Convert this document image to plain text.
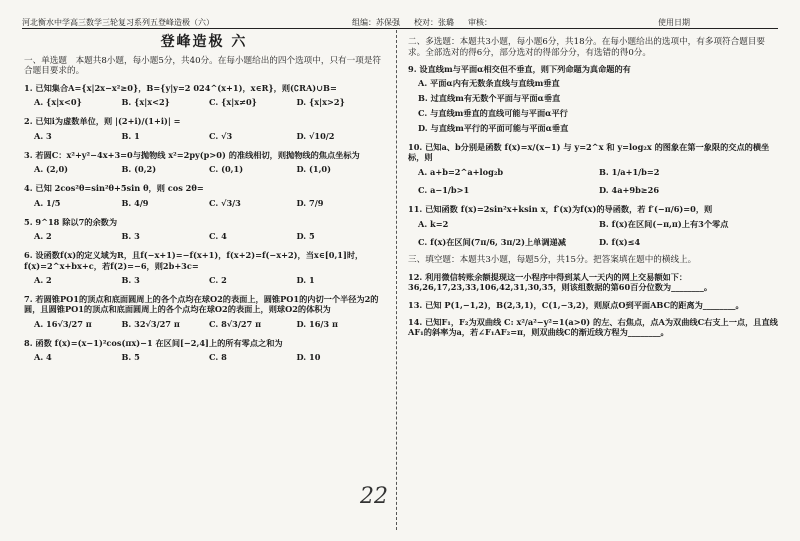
河北衡水中学高三数学三轮复习系列五登峰造极（六）	组编：苏保强 校对：张璐 审核：	使用日期
登峰造极 六
一、单选题　本题共8小题，每小题5分，共40分。在每小题给出的四个选项中，只有一项是符合题目要求的。
1. 已知集合A={x|2x−x²≥0}，B={y|y=2 024^(x+1)，x∈R}，则(∁RA)∪B=
A. {x|x<0}	B. {x|x<2}	C. {x|x≠0}	D. {x|x>2}
2. 已知i为虚数单位，则 |(2+i)/(1+i)| =
A. 3	B. 1	C. √3	D. √10/2
3. 若圆C：x²+y²−4x+3=0与抛物线 x²=2py(p>0) 的准线相切，则抛物线的焦点坐标为
A. (2,0)	B. (0,2)	C. (0,1)	D. (1,0)
4. 已知 2cos²θ=sin²θ+5sin θ，则 cos 2θ=
A. 1/5	B. 4/9	C. √3/3	D. 7/9
5. 9^18 除以7的余数为
A. 2	B. 3	C. 4	D. 5
6. 设函数f(x)的定义域为R，且f(−x+1)=−f(x+1)，f(x+2)=f(−x+2)，当x∈[0,1]时，f(x)=2^x+bx+c，若f(2)=−6，则2b+3c=
A. 2	B. 3	C. 2	D. 1
7. 若圆锥PO1的顶点和底面圆周上的各个点均在球O2的表面上，圆锥PO1的内切一个半径为2的圆，且圆锥PO1的顶点和底面圆周上的各个点均在球O2的表面上，则球O2的体积为
A. 16√3/27 π	B. 32√3/27 π	C. 8√3/27 π	D. 16/3 π
8. 函数 f(x)=(x−1)²cos(πx)−1 在区间[−2,4]上的所有零点之和为
A. 4	B. 5	C. 8	D. 10
二、多选题：本题共3小题，每小题6分，共18分。在每小题给出的选项中，有多项符合题目要求。全部选对的得6分，部分选对的得部分分，有选错的得0分。
9. 设直线m与平面α相交但不垂直，则下列命题为真命题的有
A. 平面α内有无数条直线与直线m垂直
B. 过直线m有无数个平面与平面α垂直
C. 与直线m垂直的直线可能与平面α平行
D. 与直线m平行的平面可能与平面α垂直
10. 已知a、b分别是函数 f(x)=x/(x−1) 与 y=2^x 和 y=log₂x 的图象在第一象限的交点的横坐标，则
A. a+b=2^a+log₂b	B. 1/a+1/b=2
C. a−1/b>1	D. 4a+9b≥26
11. 已知函数 f(x)=2sin²x+ksin x，f′(x)为f(x)的导函数，若 f′(−π/6)=0，则
A. k=2	B. f(x)在区间(−π,π)上有3个零点
C. f(x)在区间(7π/6, 3π/2)上单调递减	D. f(x)≤4
三、填空题：本题共3小题，每题5分，共15分。把答案填在题中的横线上。
12. 利用微信转账余额提现这一小程序中得到某人一天内的网上交易额如下：36,26,17,23,33,106,42,31,30,35，则该组数据的第60百分位数为________。
13. 已知 P(1,−1,2)，B(2,3,1)，C(1,−3,2)，则原点O到平面ABC的距离为________。
14. 已知F₁，F₂为双曲线 C: x²/a²−y²=1(a>0) 的左、右焦点，点A为双曲线C右支上一点，且直线AF₁的斜率为a，若∠F₁AF₂=π，则双曲线C的渐近线方程为________。
22
